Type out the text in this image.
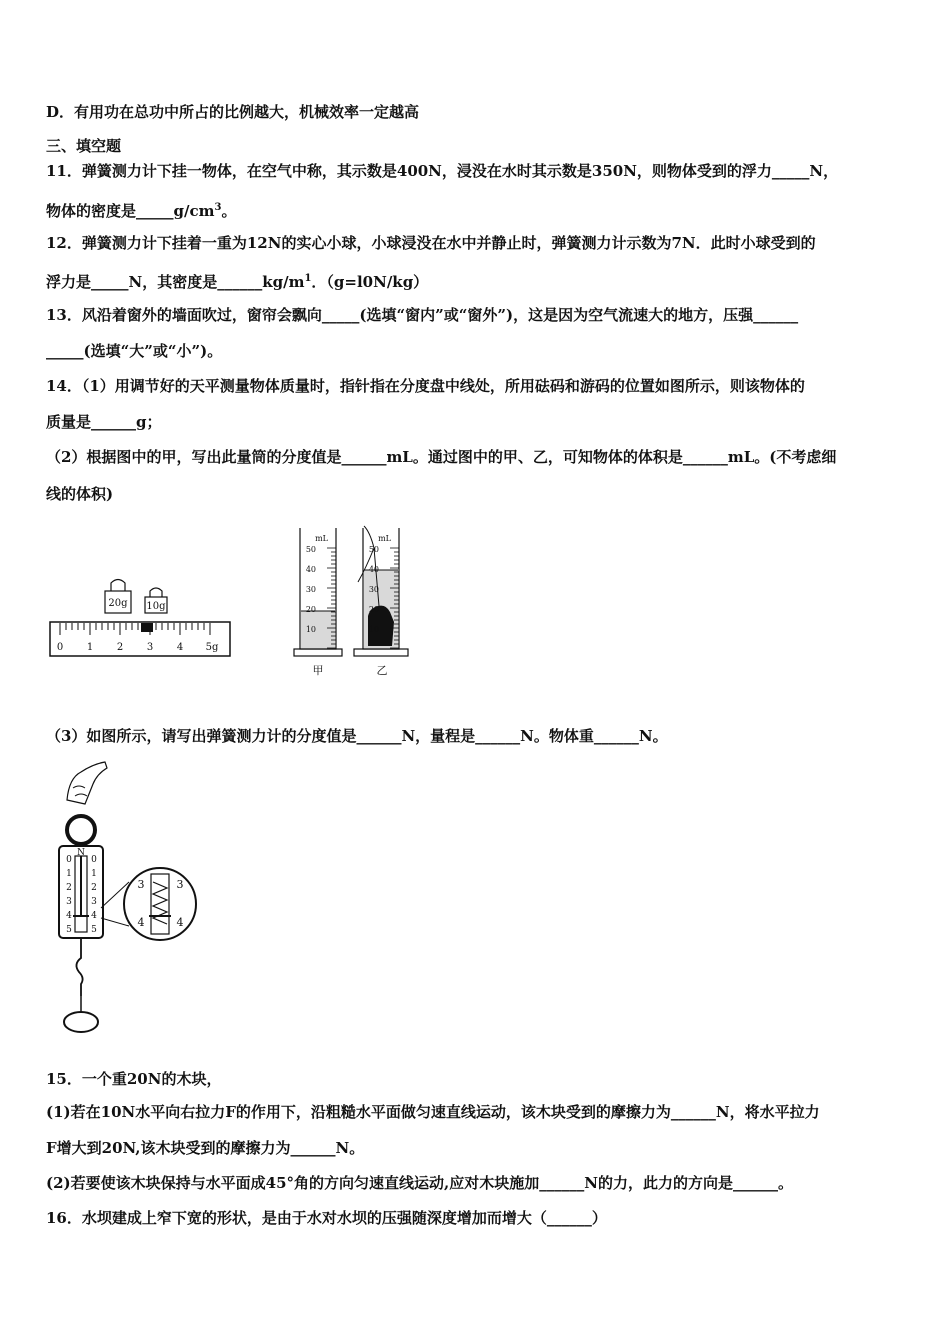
D．有用功在总功中所占的比例越大，机械效率一定越高
三、填空题
11．弹簧测力计下挂一物体，在空气中称，其示数是400N，浸没在水时其示数是350N，则物体受到的浮力_____N，
物体的密度是$\_\_\_\_\_g/cm^3$。
12．弹簧测力计下挂着一重为12N的实心小球，小球浸没在水中并静止时，弹簧测力计示数为7N．此时小球受到的
浮力是_____N，其密度是$\_\_\_\_\_\_kg/m^1$．（g=l0N/kg）
13．风沿着窗外的墙面吹过，窗帘会飘向_____(选填“窗内”或“窗外”)，这是因为空气流速大的地方，压强______
_____(选填“大”或“小”)。
14．（1）用调节好的天平测量物体质量时，指针指在分度盘中线处，所用砝码和游码的位置如图所示，则该物体的
质量是______g；
（2）根据图中的甲，写出此量筒的分度值是______mL。通过图中的甲、乙，可知物体的体积是______mL。(不考虑细
线的体积)
（3）如图所示，请写出弹簧测力计的分度值是______N，量程是______N。物体重______N。
15．一个重20N的木块，
(1)若在10N水平向右拉力F的作用下，沿粗糙水平面做匀速直线运动，该木块受到的摩擦力为______N，将水平拉力
F增大到20N,该木块受到的摩擦力为______N。
(2)若要使该木块保持与水平面成45°角的方向匀速直线运动,应对木块施加______N的力，此力的方向是______。
16．水坝建成上窄下宽的形状，是由于水对水坝的压强随深度增加而增大（______）
20g 10g
0 1 2 3 4 5g
mL
50
40
30
20
10
mL
50
40
30
20
10
甲	乙
N
0
1
2
3
4
5
0
1
2
3
4
5
3
4
3
4
